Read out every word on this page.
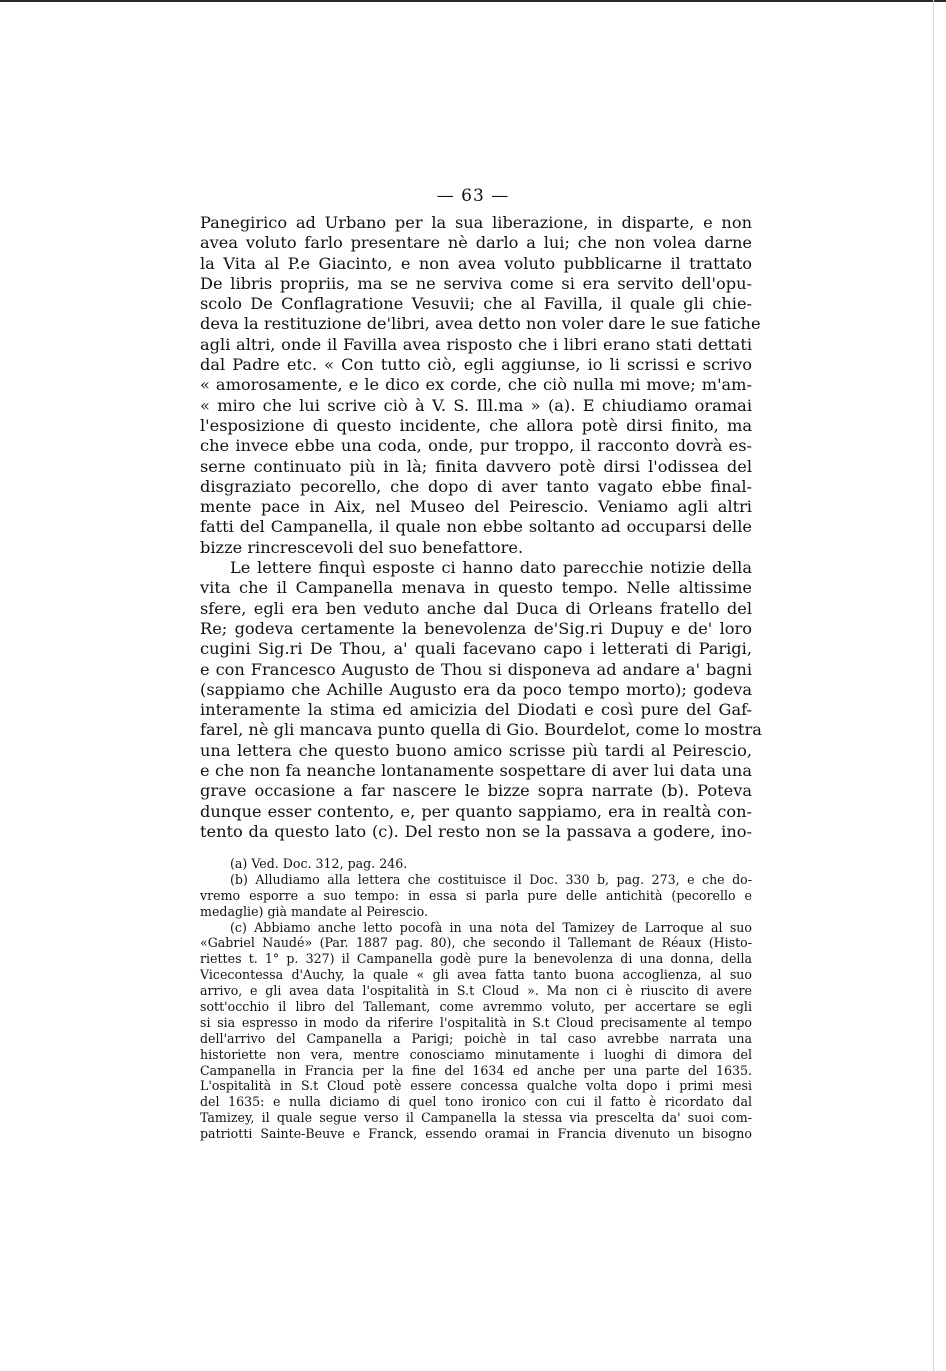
— 63 —
Panegirico ad Urbano per la sua liberazione, in disparte, e non
avea voluto farlo presentare nè darlo a lui; che non volea darne
la Vita al P.e Giacinto, e non avea voluto pubblicarne il trattato
De libris propriis, ma se ne serviva come si era servito dell'opu-
scolo De Conflagratione Vesuvii; che al Favilla, il quale gli chie-
deva la restituzione de'libri, avea detto non voler dare le sue fatiche
agli altri, onde il Favilla avea risposto che i libri erano stati dettati
dal Padre etc. « Con tutto ciò, egli aggiunse, io li scrissi e scrivo
« amorosamente, e le dico ex corde, che ciò nulla mi move; m'am-
« miro che lui scrive ciò à V. S. Ill.ma » (a). E chiudiamo oramai
l'esposizione di questo incidente, che allora potè dirsi finito, ma
che invece ebbe una coda, onde, pur troppo, il racconto dovrà es-
serne continuato più in là; finita davvero potè dirsi l'odissea del
disgraziato pecorello, che dopo di aver tanto vagato ebbe final-
mente pace in Aix, nel Museo del Peirescio. Veniamo agli altri
fatti del Campanella, il quale non ebbe soltanto ad occuparsi delle
bizze rincrescevoli del suo benefattore.
Le lettere finquì esposte ci hanno dato parecchie notizie della
vita che il Campanella menava in questo tempo. Nelle altissime
sfere, egli era ben veduto anche dal Duca di Orleans fratello del
Re; godeva certamente la benevolenza de'Sig.ri Dupuy e de' loro
cugini Sig.ri De Thou, a' quali facevano capo i letterati di Parigi,
e con Francesco Augusto de Thou si disponeva ad andare a' bagni
(sappiamo che Achille Augusto era da poco tempo morto); godeva
interamente la stima ed amicizia del Diodati e così pure del Gaf-
farel, nè gli mancava punto quella di Gio. Bourdelot, come lo mostra
una lettera che questo buono amico scrisse più tardi al Peirescio,
e che non fa neanche lontanamente sospettare di aver lui data una
grave occasione a far nascere le bizze sopra narrate (b). Poteva
dunque esser contento, e, per quanto sappiamo, era in realtà con-
tento da questo lato (c). Del resto non se la passava a godere, ino-
(a) Ved. Doc. 312, pag. 246.
(b) Alludiamo alla lettera che costituisce il Doc. 330 b, pag. 273, e che do-
vremo esporre a suo tempo: in essa si parla pure delle antichità (pecorello e
medaglie) già mandate al Peirescio.
(c) Abbiamo anche letto pocofà in una nota del Tamizey de Larroque al suo
«Gabriel Naudé» (Par. 1887 pag. 80), che secondo il Tallemant de Réaux (Histo-
riettes t. 1° p. 327) il Campanella godè pure la benevolenza di una donna, della
Vicecontessa d'Auchy, la quale « gli avea fatta tanto buona accoglienza, al suo
arrivo, e gli avea data l'ospitalità in S.t Cloud ». Ma non ci è riuscito di avere
sott'occhio il libro del Tallemant, come avremmo voluto, per accertare se egli
si sia espresso in modo da riferire l'ospitalità in S.t Cloud precisamente al tempo
dell'arrivo del Campanella a Parigi; poichè in tal caso avrebbe narrata una
historiette non vera, mentre conosciamo minutamente i luoghi di dimora del
Campanella in Francia per la fine del 1634 ed anche per una parte del 1635.
L'ospitalità in S.t Cloud potè essere concessa qualche volta dopo i primi mesi
del 1635: e nulla diciamo di quel tono ironico con cui il fatto è ricordato dal
Tamizey, il quale segue verso il Campanella la stessa via prescelta da' suoi com-
patriotti Sainte-Beuve e Franck, essendo oramai in Francia divenuto un bisogno
